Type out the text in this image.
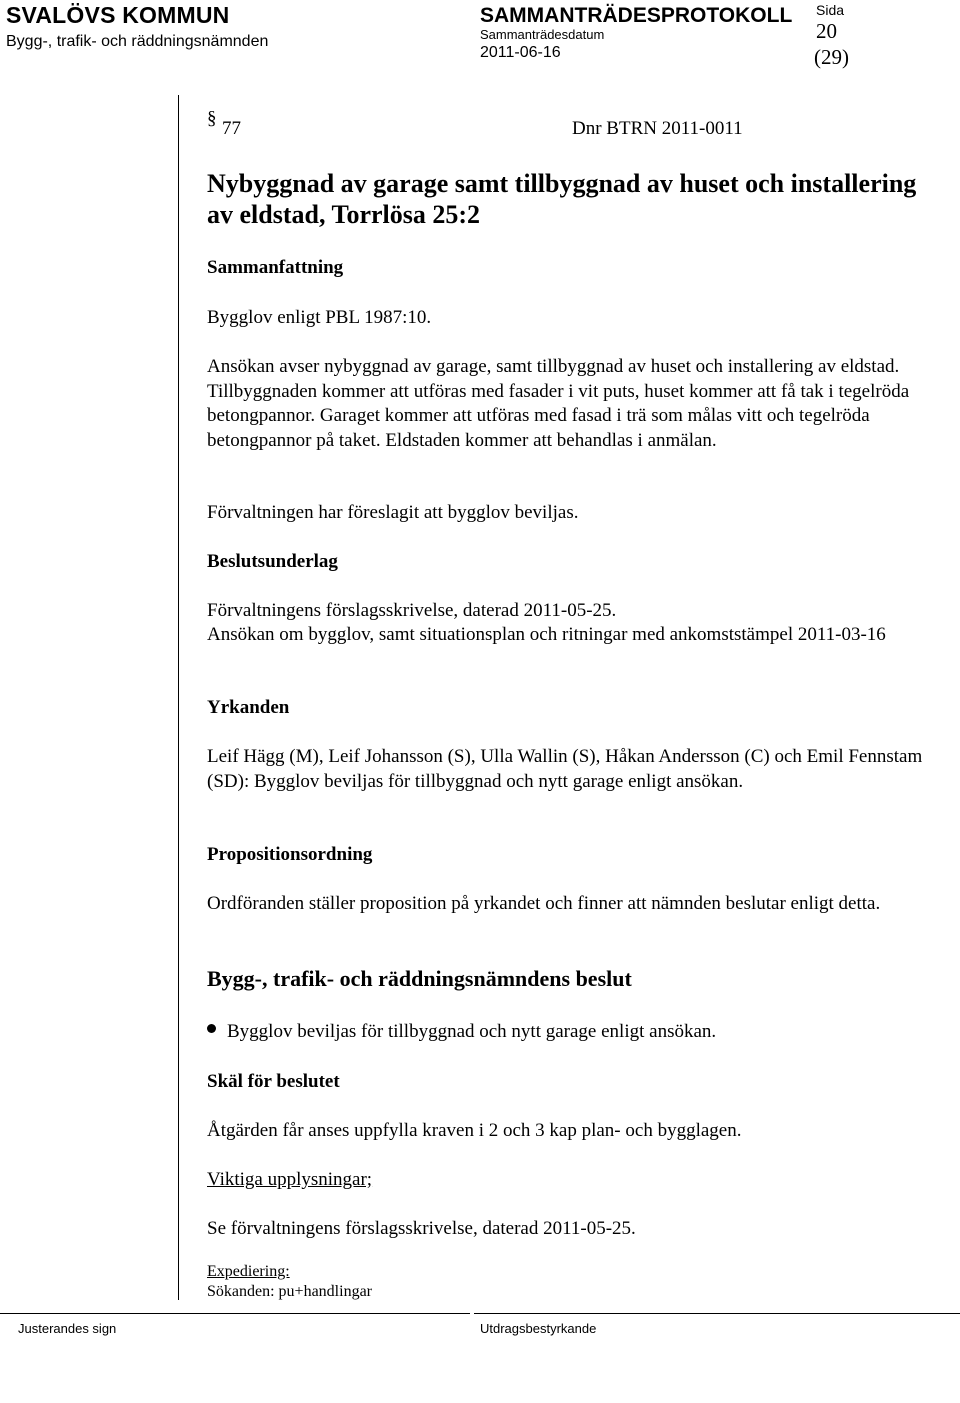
SVALÖVS KOMMUN
Bygg-, trafik- och räddningsnämnden
SAMMANTRÄDESPROTOKOLL
Sammanträdesdatum
2011-06-16
Sida
20
(29)
§ 77	Dnr BTRN 2011-0011
Nybyggnad av garage samt tillbyggnad av huset och installering av eldstad, Torrlösa 25:2
Sammanfattning
Bygglov enligt PBL 1987:10.
Ansökan avser nybyggnad av garage, samt tillbyggnad av huset och installering av eldstad. Tillbyggnaden kommer att utföras med fasader i vit puts, huset kommer att få tak i tegelröda betongpannor. Garaget kommer att utföras med fasad i trä som målas vitt och tegelröda betongpannor på taket. Eldstaden kommer att behandlas i anmälan.
Förvaltningen har föreslagit att bygglov beviljas.
Beslutsunderlag
Förvaltningens förslagsskrivelse, daterad 2011-05-25.
Ansökan om bygglov, samt situationsplan och ritningar med ankomststämpel 2011-03-16
Yrkanden
Leif Hägg (M), Leif Johansson (S), Ulla Wallin (S), Håkan Andersson (C) och Emil Fennstam (SD): Bygglov beviljas för tillbyggnad och nytt garage enligt ansökan.
Propositionsordning
Ordföranden ställer proposition på yrkandet och finner att nämnden beslutar enligt detta.
Bygg-, trafik- och räddningsnämndens beslut
Bygglov beviljas för tillbyggnad och nytt garage enligt ansökan.
Skäl för beslutet
Åtgärden får anses uppfylla kraven i 2 och 3 kap plan- och bygglagen.
Viktiga upplysningar;
Se förvaltningens förslagsskrivelse, daterad 2011-05-25.
Expediering:
Sökanden: pu+handlingar
Justerandes sign	Utdragsbestyrkande
